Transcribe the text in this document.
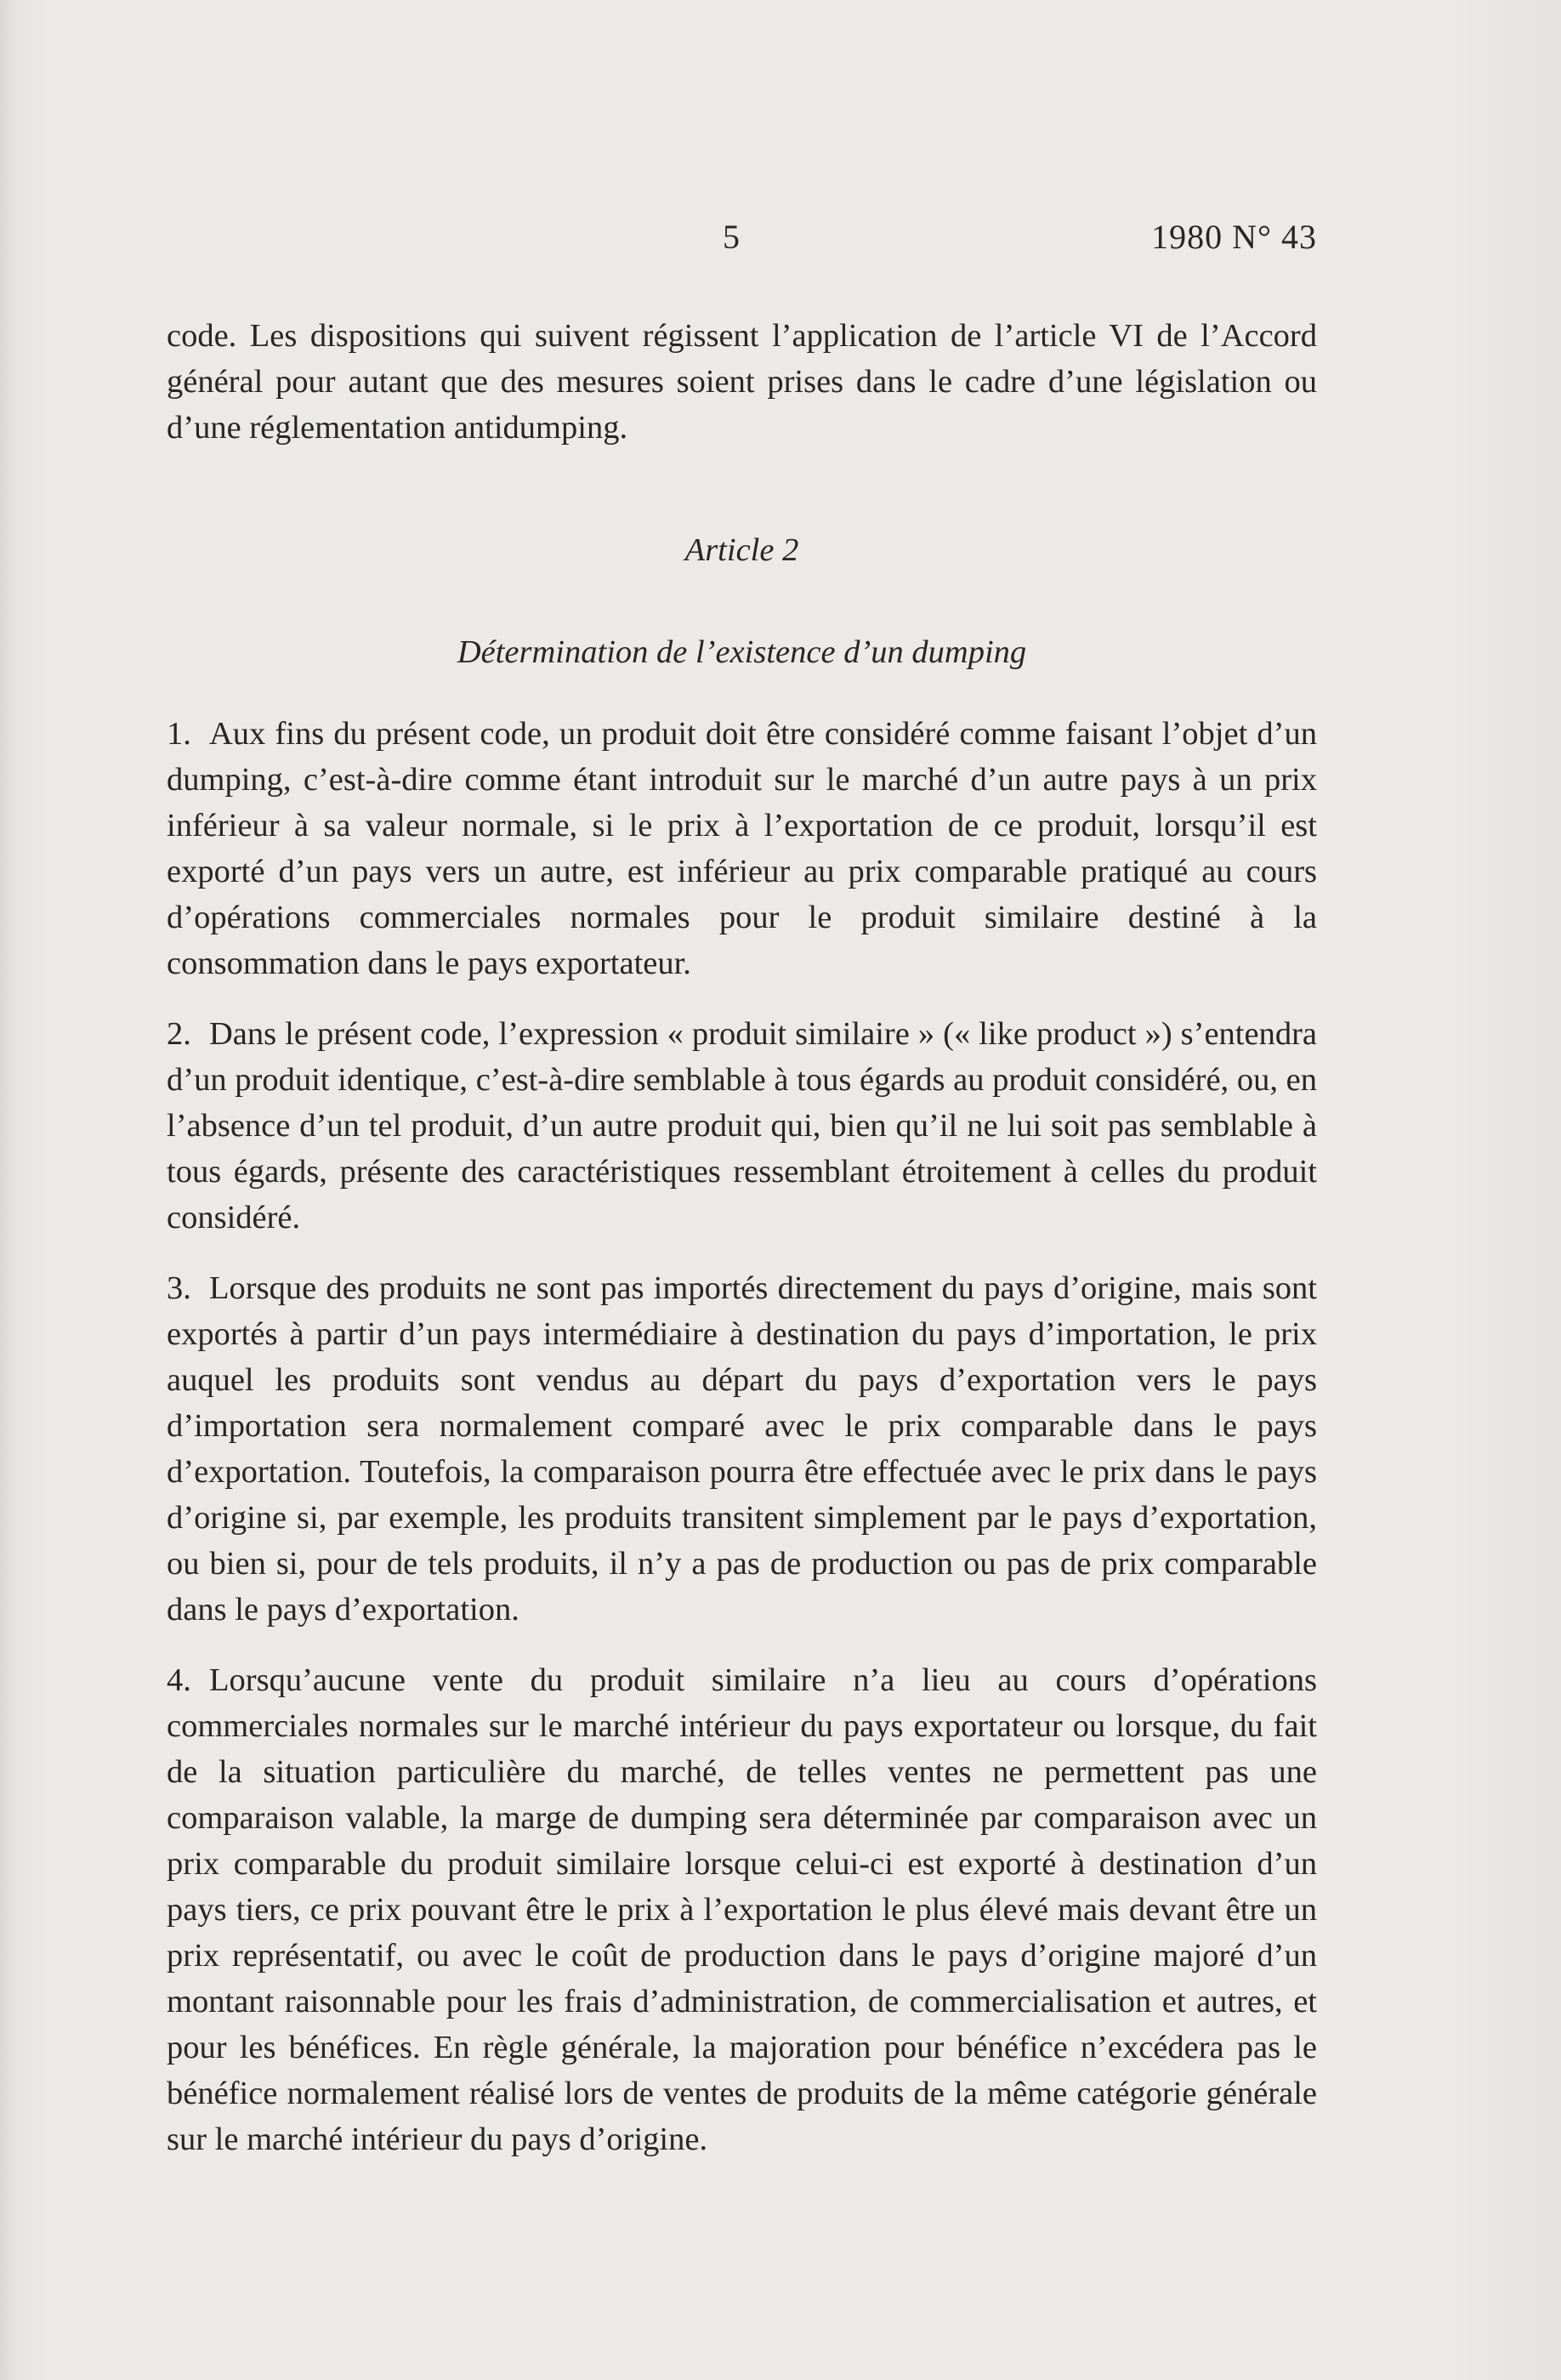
5	1980 N° 43

code. Les dispositions qui suivent régissent l’application de l’article VI de l’Accord général pour autant que des mesures soient prises dans le cadre d’une législation ou d’une réglementation antidumping.

Article 2

Détermination de l’existence d’un dumping

1. Aux fins du présent code, un produit doit être considéré comme faisant l’objet d’un dumping, c’est-à-dire comme étant introduit sur le marché d’un autre pays à un prix inférieur à sa valeur normale, si le prix à l’exportation de ce produit, lorsqu’il est exporté d’un pays vers un autre, est inférieur au prix comparable pratiqué au cours d’opérations commerciales normales pour le produit similaire destiné à la consommation dans le pays exportateur.

2. Dans le présent code, l’expression « produit similaire » (« like product ») s’entendra d’un produit identique, c’est-à-dire semblable à tous égards au produit considéré, ou, en l’absence d’un tel produit, d’un autre produit qui, bien qu’il ne lui soit pas semblable à tous égards, présente des caractéristiques ressemblant étroitement à celles du produit considéré.

3. Lorsque des produits ne sont pas importés directement du pays d’origine, mais sont exportés à partir d’un pays intermédiaire à destination du pays d’importation, le prix auquel les produits sont vendus au départ du pays d’exportation vers le pays d’importation sera normalement comparé avec le prix comparable dans le pays d’exportation. Toutefois, la comparaison pourra être effectuée avec le prix dans le pays d’origine si, par exemple, les produits transitent simplement par le pays d’exportation, ou bien si, pour de tels produits, il n’y a pas de production ou pas de prix comparable dans le pays d’exportation.

4. Lorsqu’aucune vente du produit similaire n’a lieu au cours d’opérations commerciales normales sur le marché intérieur du pays exportateur ou lorsque, du fait de la situation particulière du marché, de telles ventes ne permettent pas une comparaison valable, la marge de dumping sera déterminée par comparaison avec un prix comparable du produit similaire lorsque celui-ci est exporté à destination d’un pays tiers, ce prix pouvant être le prix à l’exportation le plus élevé mais devant être un prix représentatif, ou avec le coût de production dans le pays d’origine majoré d’un montant raisonnable pour les frais d’administration, de commercialisation et autres, et pour les bénéfices. En règle générale, la majoration pour bénéfice n’excédera pas le bénéfice normalement réalisé lors de ventes de produits de la même catégorie générale sur le marché intérieur du pays d’origine.
